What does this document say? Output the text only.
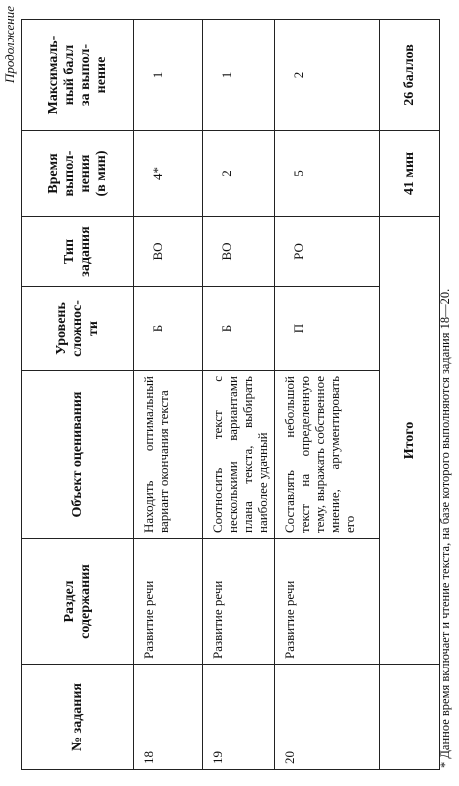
Продолжение
№ задания	Раздел содержания	Объект оценивания	Уровень сложнос- ти	Тип задания	Время выпол- нения (в мин)	Максималь- ный балл за выпол- нение

18	Развитие речи	Находить оптимальный вариант окончания текста	Б	ВО	4*	1
19	Развитие речи	Соотносить текст с несколькими вариантами плана текста, выбирать наиболее удачный	Б	ВО	2	1
20	Развитие речи	Составлять небольшой текст на определенную тему, выражать собственное мнение, аргументировать его	П	РО	5	2
	Итого				41 мин	26 баллов
* Данное время включает и чтение текста, на базе которого выполняются задания 18—20.
